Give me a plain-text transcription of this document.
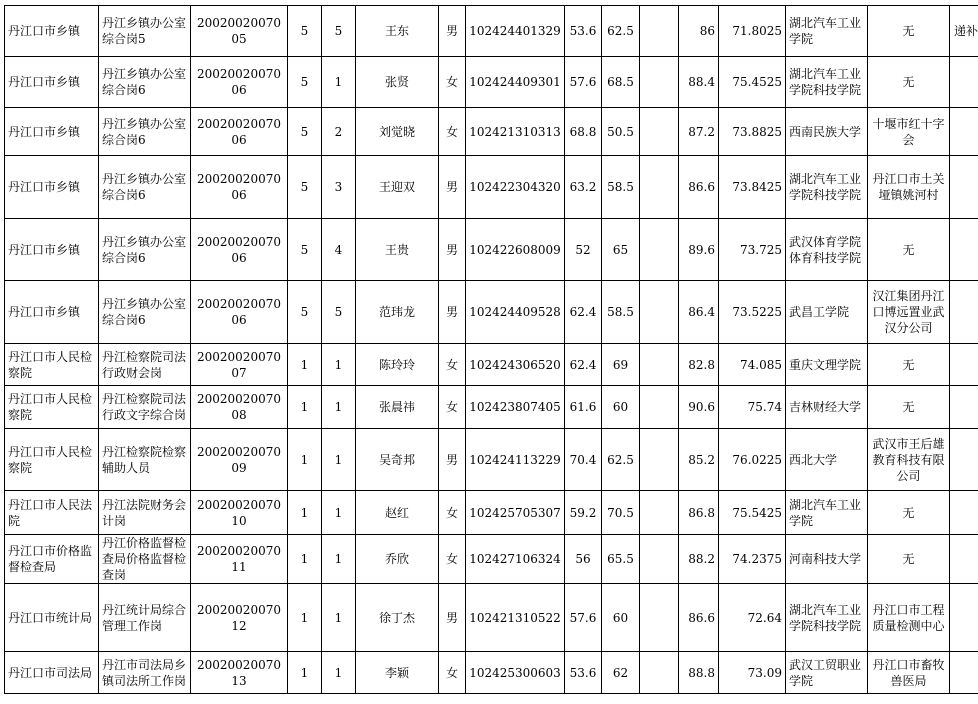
丹江口市乡镇	丹江乡镇办公室综合岗5	2002002007005	5	5	王东	男	102424401329	53.6	62.5		86	71.8025	湖北汽车工业学院	无	递补

丹江口市乡镇	丹江乡镇办公室综合岗6	2002002007006	5	1	张贤	女	102424409301	57.6	68.5		88.4	75.4525	湖北汽车工业学院科技学院	无	

丹江口市乡镇	丹江乡镇办公室综合岗6	2002002007006	5	2	刘觉晓	女	102421310313	68.8	50.5		87.2	73.8825	西南民族大学	十堰市红十字会	

丹江口市乡镇	丹江乡镇办公室综合岗6	2002002007006	5	3	王迎双	男	102422304320	63.2	58.5		86.6	73.8425	湖北汽车工业学院科技学院	丹江口市土关垭镇姚河村	

丹江口市乡镇	丹江乡镇办公室综合岗6	2002002007006	5	4	王贵	男	102422608009	52	65		89.6	73.725	武汉体育学院体育科技学院	无	

丹江口市乡镇	丹江乡镇办公室综合岗6	2002002007006	5	5	范玮龙	男	102424409528	62.4	58.5		86.4	73.5225	武昌工学院	汉江集团丹江口博远置业武汉分公司	

丹江口市人民检察院	丹江检察院司法行政财会岗	2002002007007	1	1	陈玲玲	女	102424306520	62.4	69		82.8	74.085	重庆文理学院	无	

丹江口市人民检察院	丹江检察院司法行政文字综合岗	2002002007008	1	1	张晨祎	女	102423807405	61.6	60		90.6	75.74	吉林财经大学	无	

丹江口市人民检察院	丹江检察院检察辅助人员	2002002007009	1	1	吴奇邦	男	102424113229	70.4	62.5		85.2	76.0225	西北大学	武汉市王后雄教育科技有限公司	

丹江口市人民法院	丹江法院财务会计岗	2002002007010	1	1	赵红	女	102425705307	59.2	70.5		86.8	75.5425	湖北汽车工业学院	无	

丹江口市价格监督检查局	丹江价格监督检查局价格监督检查岗	2002002007011	1	1	乔欣	女	102427106324	56	65.5		88.2	74.2375	河南科技大学	无	

丹江口市统计局	丹江统计局综合管理工作岗	2002002007012	1	1	徐丁杰	男	102421310522	57.6	60		86.6	72.64	湖北汽车工业学院科技学院	丹江口市工程质量检测中心	

丹江口市司法局	丹江市司法局乡镇司法所工作岗	2002002007013	1	1	李颖	女	102425300603	53.6	62		88.8	73.09	武汉工贸职业学院	丹江口市畜牧兽医局	
